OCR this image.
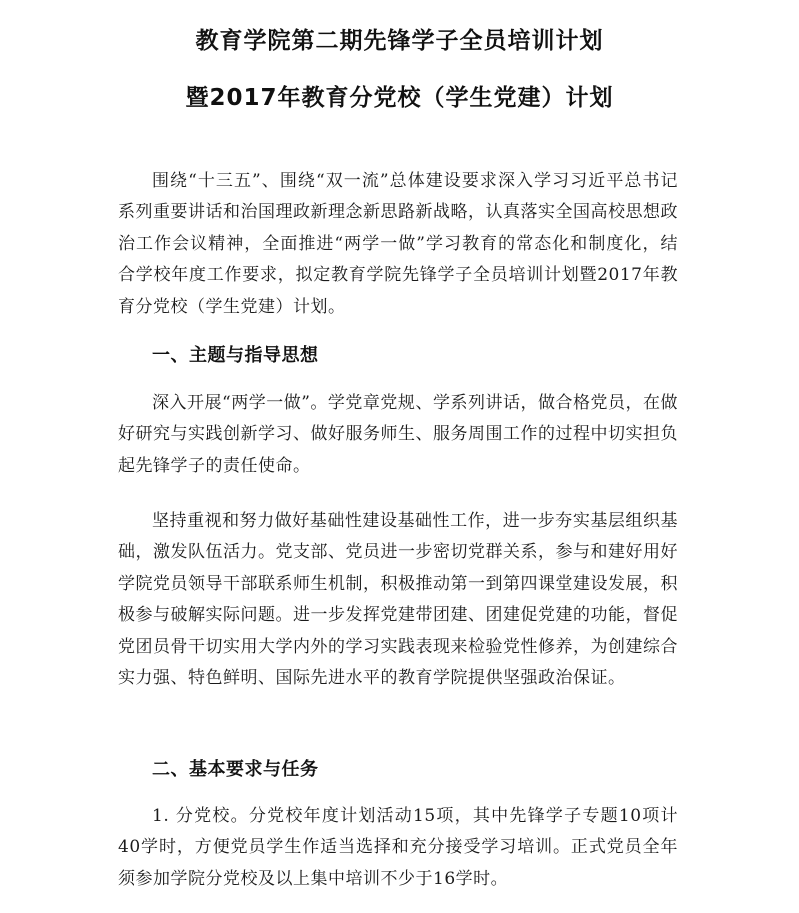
教育学院第二期先锋学子全员培训计划
暨2017年教育分党校（学生党建）计划

围绕“十三五”、围绕“双一流”总体建设要求深入学习习近平总书记系列重要讲话和治国理政新理念新思路新战略，认真落实全国高校思想政治工作会议精神，全面推进“两学一做”学习教育的常态化和制度化，结合学校年度工作要求，拟定教育学院先锋学子全员培训计划暨2017年教育分党校（学生党建）计划。

一、主题与指导思想

深入开展“两学一做”。学党章党规、学系列讲话，做合格党员，在做好研究与实践创新学习、做好服务师生、服务周围工作的过程中切实担负起先锋学子的责任使命。

坚持重视和努力做好基础性建设基础性工作，进一步夯实基层组织基础，激发队伍活力。党支部、党员进一步密切党群关系，参与和建好用好学院党员领导干部联系师生机制，积极推动第一到第四课堂建设发展，积极参与破解实际问题。进一步发挥党建带团建、团建促党建的功能，督促党团员骨干切实用大学内外的学习实践表现来检验党性修养，为创建综合实力强、特色鲜明、国际先进水平的教育学院提供坚强政治保证。

二、基本要求与任务

1. 分党校。分党校年度计划活动15项，其中先锋学子专题10项计40学时，方便党员学生作适当选择和充分接受学习培训。正式党员全年须参加学院分党校及以上集中培训不少于16学时。
